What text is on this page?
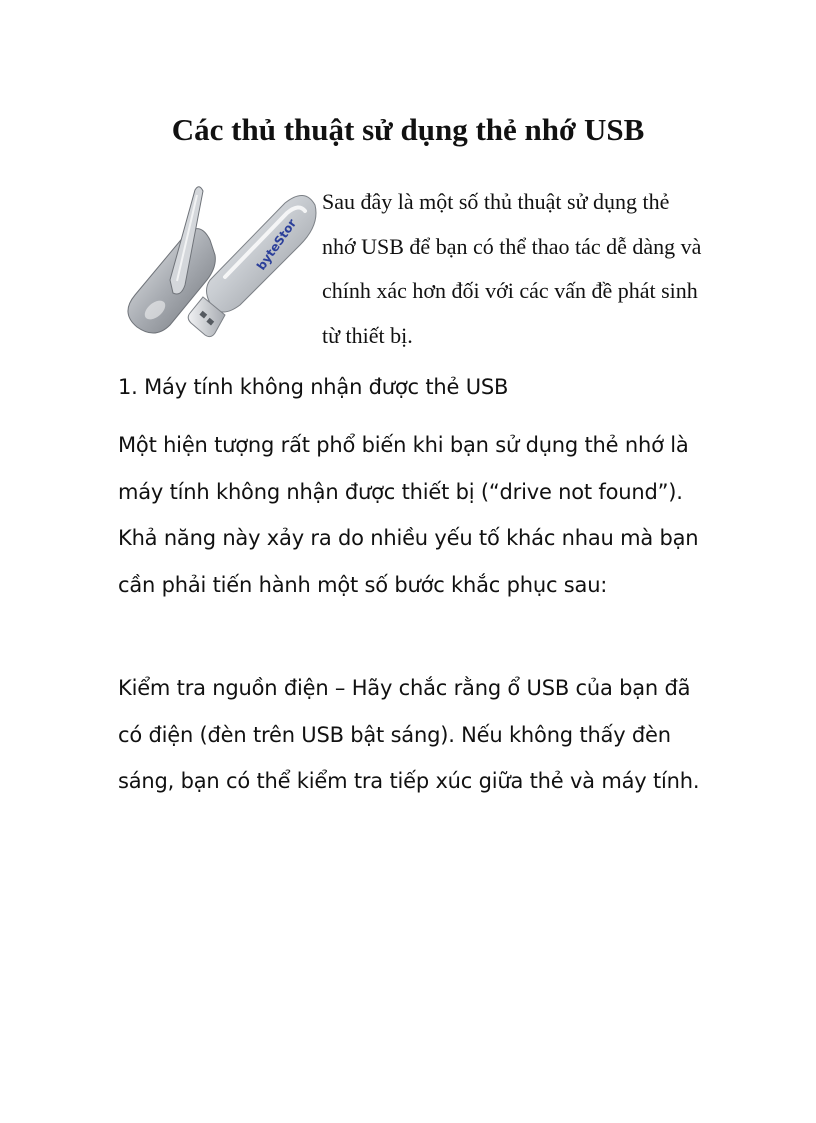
Các thủ thuật sử dụng thẻ nhớ USB
byteStor

Sau đây là một số thủ thuật sử dụng thẻ nhớ USB để bạn có thể thao tác dễ dàng và chính xác hơn đối với các vấn đề phát sinh từ thiết bị.

1. Máy tính không nhận được thẻ USB

Một hiện tượng rất phổ biến khi bạn sử dụng thẻ nhớ là máy tính không nhận được thiết bị (“drive not found”). Khả năng này xảy ra do nhiều yếu tố khác nhau mà bạn cần phải tiến hành một số bước khắc phục sau:

Kiểm tra nguồn điện – Hãy chắc rằng ổ USB của bạn đã có điện (đèn trên USB bật sáng). Nếu không thấy đèn sáng, bạn có thể kiểm tra tiếp xúc giữa thẻ và máy tính.
